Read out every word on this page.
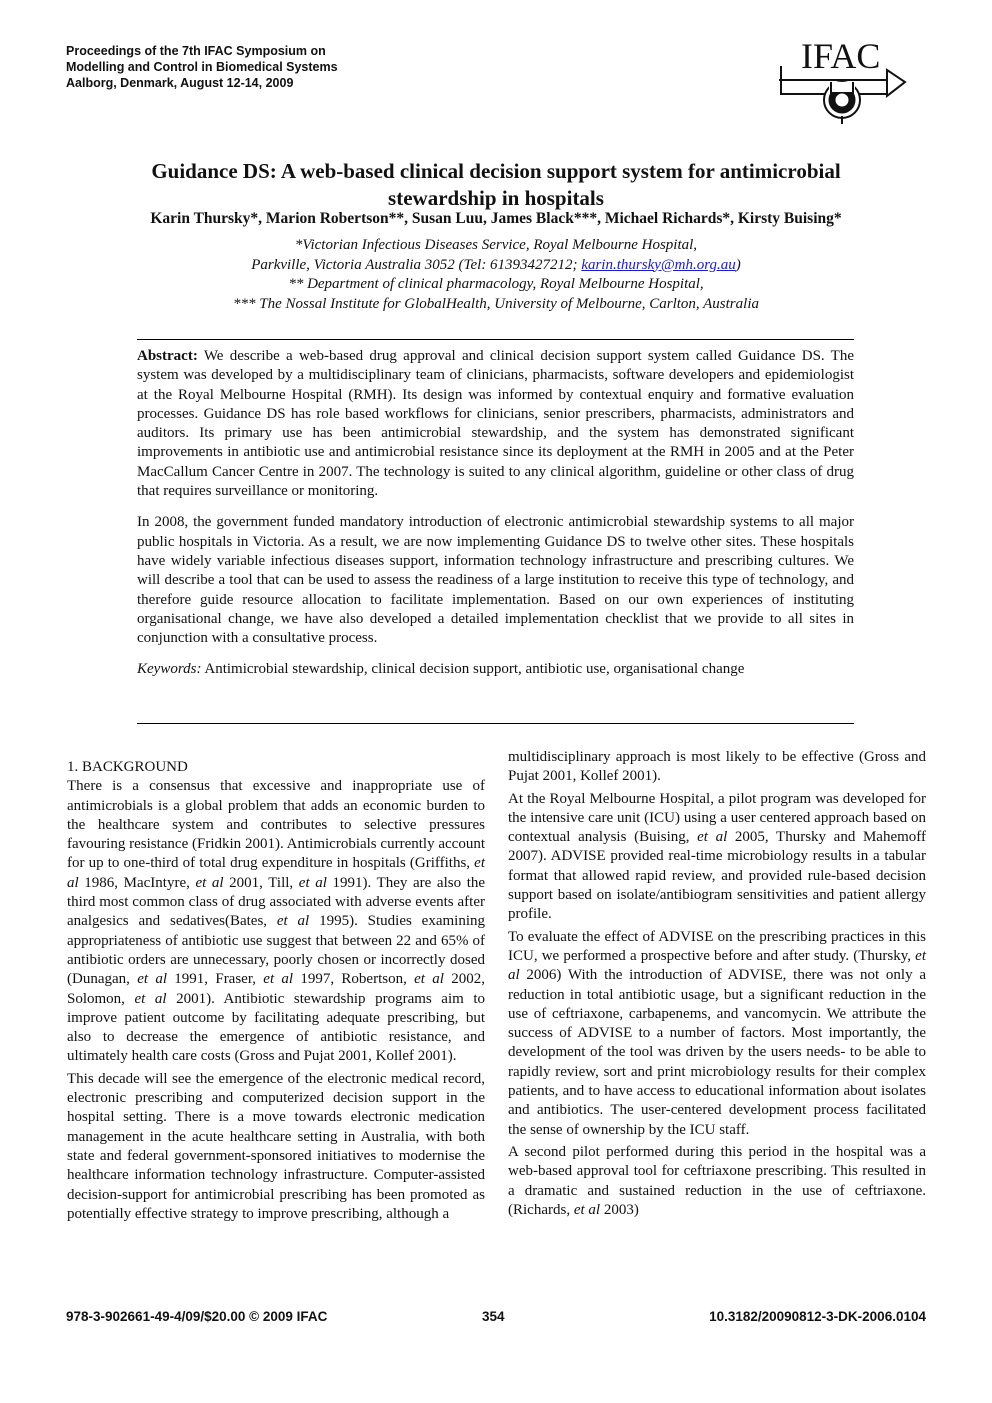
Proceedings of the 7th IFAC Symposium on
Modelling and Control in Biomedical Systems
Aalborg, Denmark, August 12-14, 2009
IFAC
Guidance DS: A web-based clinical decision support system for antimicrobial
stewardship in hospitals
Karin Thursky*, Marion Robertson**, Susan Luu, James Black***, Michael Richards*, Kirsty Buising*
*Victorian Infectious Diseases Service, Royal Melbourne Hospital,
Parkville, Victoria Australia 3052 (Tel: 61393427212; karin.thursky@mh.org.au)
** Department of clinical pharmacology, Royal Melbourne Hospital,
*** The Nossal Institute for GlobalHealth, University of Melbourne, Carlton, Australia

Abstract: We describe a web-based drug approval and clinical decision support system called Guidance DS. The system was developed by a multidisciplinary team of clinicians, pharmacists, software developers and epidemiologist at the Royal Melbourne Hospital (RMH). Its design was informed by contextual enquiry and formative evaluation processes. Guidance DS has role based workflows for clinicians, senior prescribers, pharmacists, administrators and auditors. Its primary use has been antimicrobial stewardship, and the system has demonstrated significant improvements in antibiotic use and antimicrobial resistance since its deployment at the RMH in 2005 and at the Peter MacCallum Cancer Centre in 2007. The technology is suited to any clinical algorithm, guideline or other class of drug that requires surveillance or monitoring.

In 2008, the government funded mandatory introduction of electronic antimicrobial stewardship systems to all major public hospitals in Victoria. As a result, we are now implementing Guidance DS to twelve other sites. These hospitals have widely variable infectious diseases support, information technology infrastructure and prescribing cultures. We will describe a tool that can be used to assess the readiness of a large institution to receive this type of technology, and therefore guide resource allocation to facilitate implementation. Based on our own experiences of instituting organisational change, we have also developed a detailed implementation checklist that we provide to all sites in conjunction with a consultative process.

Keywords: Antimicrobial stewardship, clinical decision support, antibiotic use, organisational change

1. BACKGROUND

There is a consensus that excessive and inappropriate use of antimicrobials is a global problem that adds an economic burden to the healthcare system and contributes to selective pressures favouring resistance (Fridkin 2001). Antimicrobials currently account for up to one-third of total drug expenditure in hospitals (Griffiths, et al 1986, MacIntyre, et al 2001, Till, et al 1991). They are also the third most common class of drug associated with adverse events after analgesics and sedatives(Bates, et al 1995). Studies examining appropriateness of antibiotic use suggest that between 22 and 65% of antibiotic orders are unnecessary, poorly chosen or incorrectly dosed (Dunagan, et al 1991, Fraser, et al 1997, Robertson, et al 2002, Solomon, et al 2001). Antibiotic stewardship programs aim to improve patient outcome by facilitating adequate prescribing, but also to decrease the emergence of antibiotic resistance, and ultimately health care costs (Gross and Pujat 2001, Kollef 2001).

This decade will see the emergence of the electronic medical record, electronic prescribing and computerized decision support in the hospital setting. There is a move towards electronic medication management in the acute healthcare setting in Australia, with both state and federal government-sponsored initiatives to modernise the healthcare information technology infrastructure. Computer-assisted decision-support for antimicrobial prescribing has been promoted as potentially effective strategy to improve prescribing, although a

multidisciplinary approach is most likely to be effective (Gross and Pujat 2001, Kollef 2001).

At the Royal Melbourne Hospital, a pilot program was developed for the intensive care unit (ICU) using a user centered approach based on contextual analysis (Buising, et al 2005, Thursky and Mahemoff 2007). ADVISE provided real-time microbiology results in a tabular format that allowed rapid review, and provided rule-based decision support based on isolate/antibiogram sensitivities and patient allergy profile.

To evaluate the effect of ADVISE on the prescribing practices in this ICU, we performed a prospective before and after study. (Thursky, et al 2006) With the introduction of ADVISE, there was not only a reduction in total antibiotic usage, but a significant reduction in the use of ceftriaxone, carbapenems, and vancomycin. We attribute the success of ADVISE to a number of factors. Most importantly, the development of the tool was driven by the users needs- to be able to rapidly review, sort and print microbiology results for their complex patients, and to have access to educational information about isolates and antibiotics. The user-centered development process facilitated the sense of ownership by the ICU staff.

A second pilot performed during this period in the hospital was a web-based approval tool for ceftriaxone prescribing. This resulted in a dramatic and sustained reduction in the use of ceftriaxone. (Richards, et al 2003)

978-3-902661-49-4/09/$20.00 © 2009 IFAC	354	10.3182/20090812-3-DK-2006.0104
